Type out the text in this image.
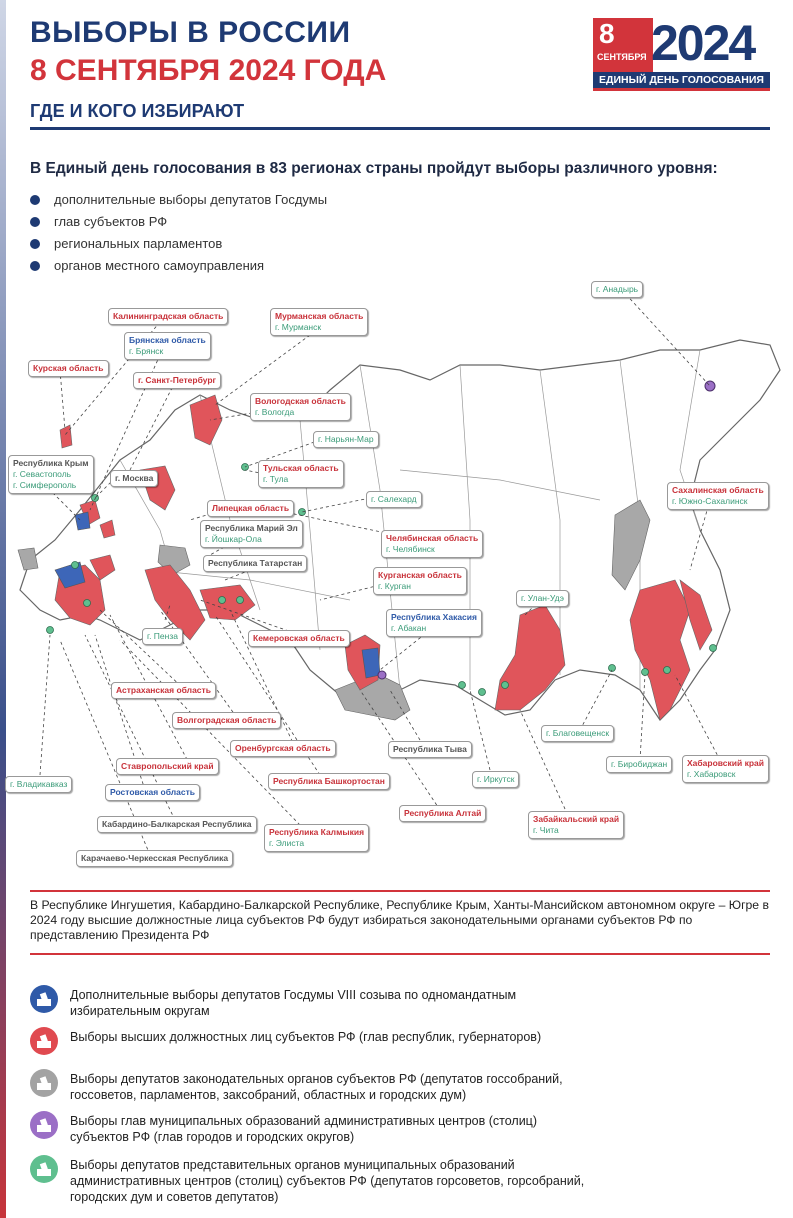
ВЫБОРЫ В РОССИИ
8 СЕНТЯБРЯ 2024 ГОДА
ГДЕ И КОГО ИЗБИРАЮТ
8
СЕНТЯБРЯ 2024
ЕДИНЫЙ ДЕНЬ ГОЛОСОВАНИЯ
В Единый день голосования в 83 регионах страны пройдут выборы различного уровня:
дополнительные выборы депутатов Госдумы
глав субъектов РФ
региональных парламентов
органов местного самоуправления
г. Анадырь
Калининградская область	Мурманская область
г. Мурманск
Брянская область
г. Брянск
Курская область
г. Санкт-Петербург
Вологодская область
г. Вологда
г. Нарьян-Мар
Республика Крым
г. Севастополь
г. Симферополь
г. Москва
Тульская область
г. Тула
г. Салехард
Липецкая область
Республика Марий Эл
г. Йошкар-Ола	Челябинская область
г. Челябинск
Республика Татарстан
Курганская область
г. Курган
Сахалинская область
г. Южно-Сахалинск
г. Улан-Удэ
Республика Хакасия
г. Абакан
г. Пенза	Кемеровская область
Астраханская область
Волгоградская область
Республика Тыва
Оренбургская область
г. Благовещенск
Ставропольский край	г. Биробиджан Хабаровский край
г. Хабаровск
Республика Башкортостан
г. Владикавказ	г. Иркутск
Ростовская область
Республика Алтай
Забайкальский край
г. Чита
Кабардино-Балкарская Республика
Республика Калмыкия
г. Элиста
Карачаево-Черкесская Республика
В Республике Ингушетия, Кабардино-Балкарской Республике, Республике Крым, Ханты-Мансийском автономном округе – Югре в 2024 году высшие должностные лица субъектов РФ будут избираться законодательными органами субъектов РФ по представлению Президента РФ
Дополнительные выборы депутатов Госдумы VIII созыва по одномандатным избирательным округам
Выборы высших должностных лиц субъектов РФ (глав республик, губернаторов)
Выборы депутатов законодательных органов субъектов РФ (депутатов госсобраний, госсоветов, парламентов, заксобраний, областных и городских дум)
Выборы глав муниципальных образований административных центров (столиц) субъектов РФ (глав городов и городских округов)
Выборы депутатов представительных органов муниципальных образований административных центров (столиц) субъектов РФ (депутатов горсоветов, горсобраний, городских дум и советов депутатов)
